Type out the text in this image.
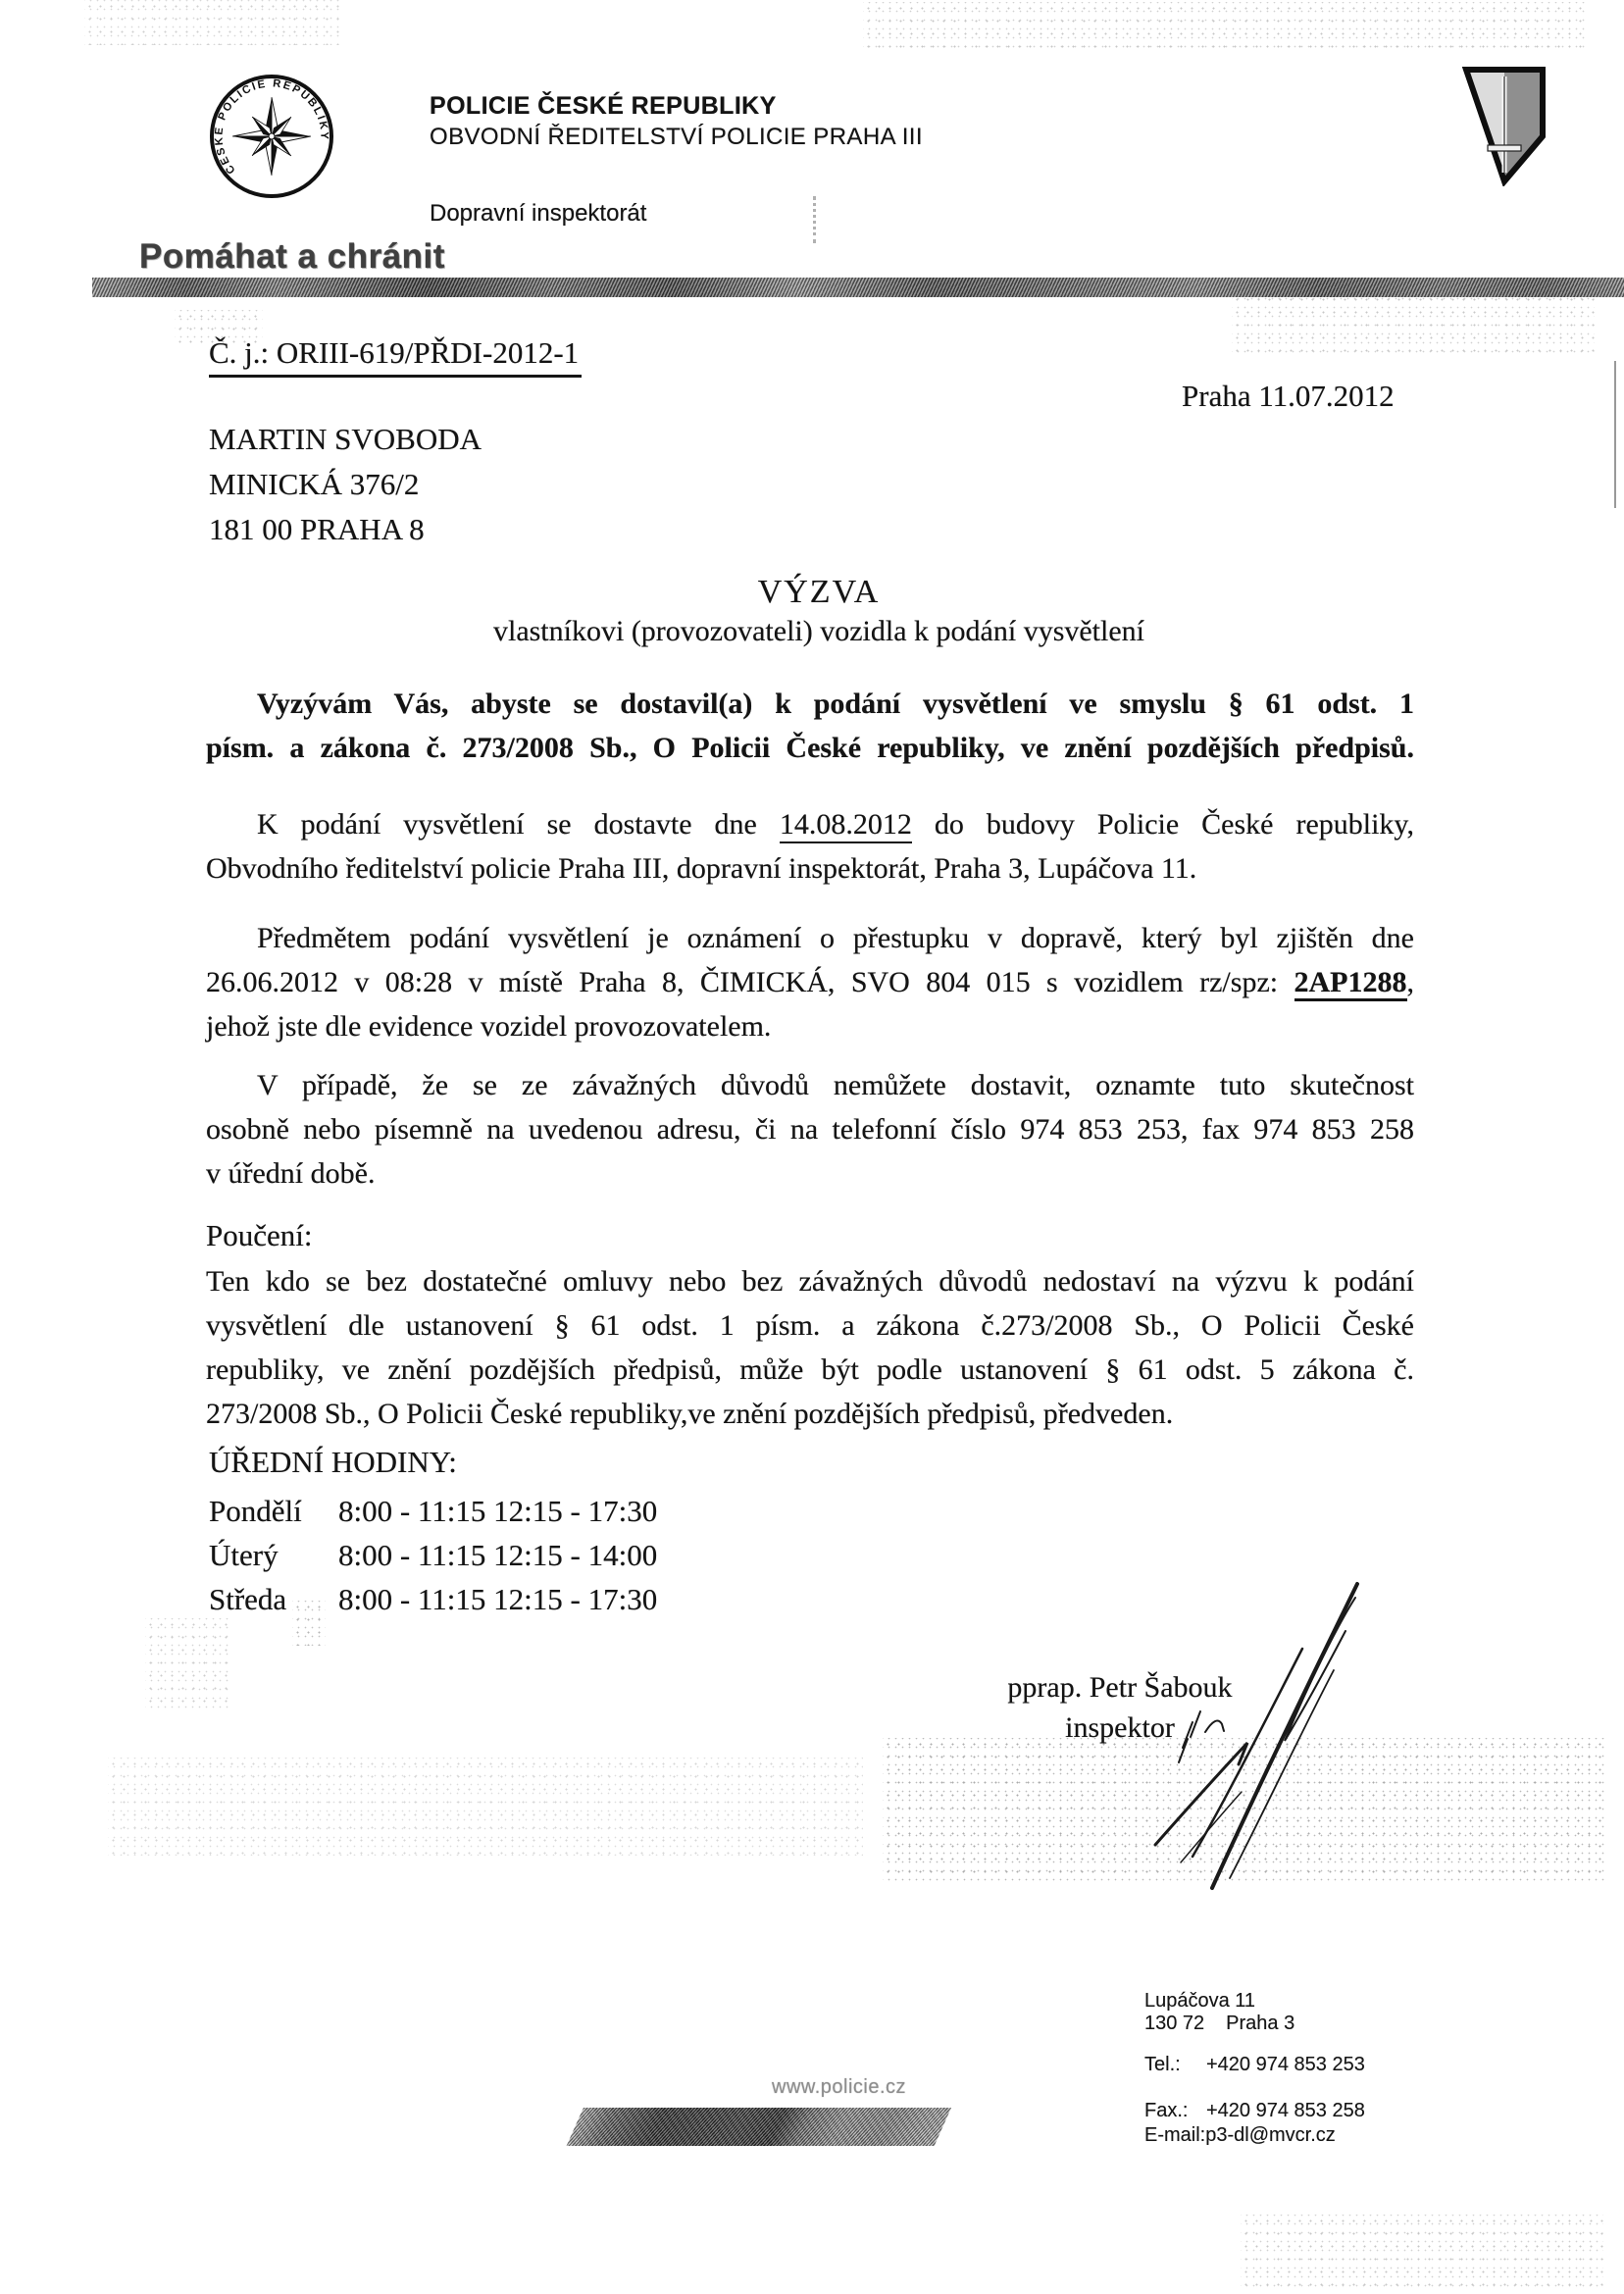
ČESKÉ POLICIE REPUBLIKY
POLICIE ČESKÉ REPUBLIKY
OBVODNÍ ŘEDITELSTVÍ POLICIE PRAHA III
Dopravní inspektorát
Pomáhat a chránit
Č. j.: ORIII-619/PŘDI-2012-1
Praha 11.07.2012
MARTIN SVOBODA
MINICKÁ 376/2
181 00 PRAHA 8
VÝZVA
vlastníkovi (provozovateli) vozidla k podání vysvětlení
Vyzývám Vás, abyste se dostavil(a) k podání vysvětlení ve smyslu § 61 odst. 1
písm. a zákona č. 273/2008 Sb., O Policii České republiky, ve znění pozdějších předpisů.
K podání vysvětlení se dostavte dne 14.08.2012 do budovy Policie České republiky,
Obvodního ředitelství policie Praha III, dopravní inspektorát, Praha 3, Lupáčova 11.
Předmětem podání vysvětlení je oznámení o přestupku v dopravě, který byl zjištěn dne
26.06.2012 v 08:28 v místě Praha 8, ČIMICKÁ, SVO 804 015 s vozidlem rz/spz: 2AP1288,
jehož jste dle evidence vozidel provozovatelem.
V případě, že se ze závažných důvodů nemůžete dostavit, oznamte tuto skutečnost
osobně nebo písemně na uvedenou adresu, či na telefonní číslo 974 853 253, fax 974 853 258
v úřední době.
Poučení:
Ten kdo se bez dostatečné omluvy nebo bez závažných důvodů nedostaví na výzvu k podání
vysvětlení dle ustanovení § 61 odst. 1 písm. a zákona č.273/2008 Sb., O Policii České
republiky, ve znění pozdějších předpisů, může být podle ustanovení § 61 odst. 5 zákona č.
273/2008 Sb., O Policii České republiky,ve znění pozdějších předpisů, předveden.
ÚŘEDNÍ HODINY:
Pondělí 8:00 - 11:15 12:15 - 17:30
Úterý 8:00 - 11:15 12:15 - 14:00
Středa 8:00 - 11:15 12:15 - 17:30
pprap. Petr Šabouk
inspektor
www.policie.cz
Lupáčova 11
130 72 Praha 3
Tel.: +420 974 853 253
Fax.: +420 974 853 258
E-mail:p3-dl@mvcr.cz
